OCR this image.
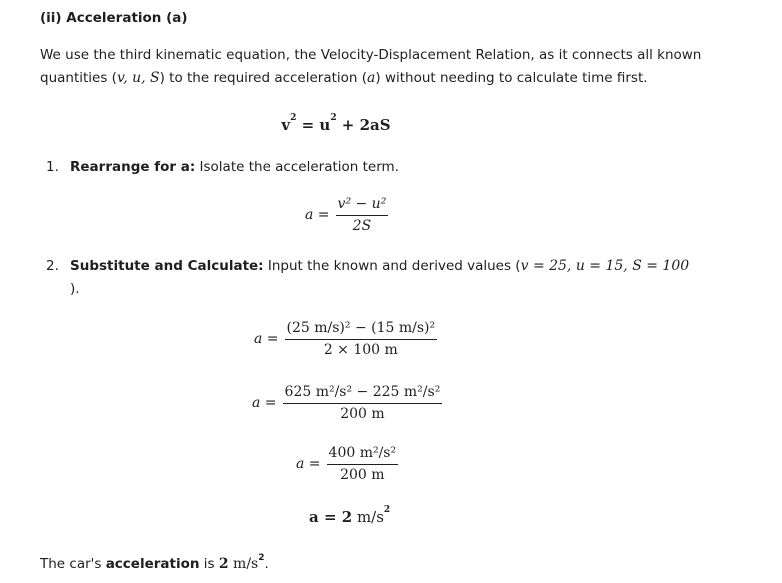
(ii) Acceleration (a)
We use the third kinematic equation, the Velocity-Displacement Relation, as it connects all known
quantities (v, u, S) to the required acceleration (a) without needing to calculate time first.
$v^2 = u^2 + 2aS$
1. Rearrange for a: Isolate the acceleration term.
$a = \frac{\text{v² − u²}}{2S}$
2. Substitute and Calculate: Input the known and derived values (v = 25, u = 15, S = 100
).
$a = \frac{\text{(25 m/s)² − (15 m/s)²}}{2 \times 100 m}$
$a = \frac{\text{625 m²/s² − 225 m²/s²}}{200 m}$
$a = \frac{\text{400 m²/s²}}{200 m}$
a = 2 $m/s^2$
The car's acceleration is 2 $m/s^2$.
